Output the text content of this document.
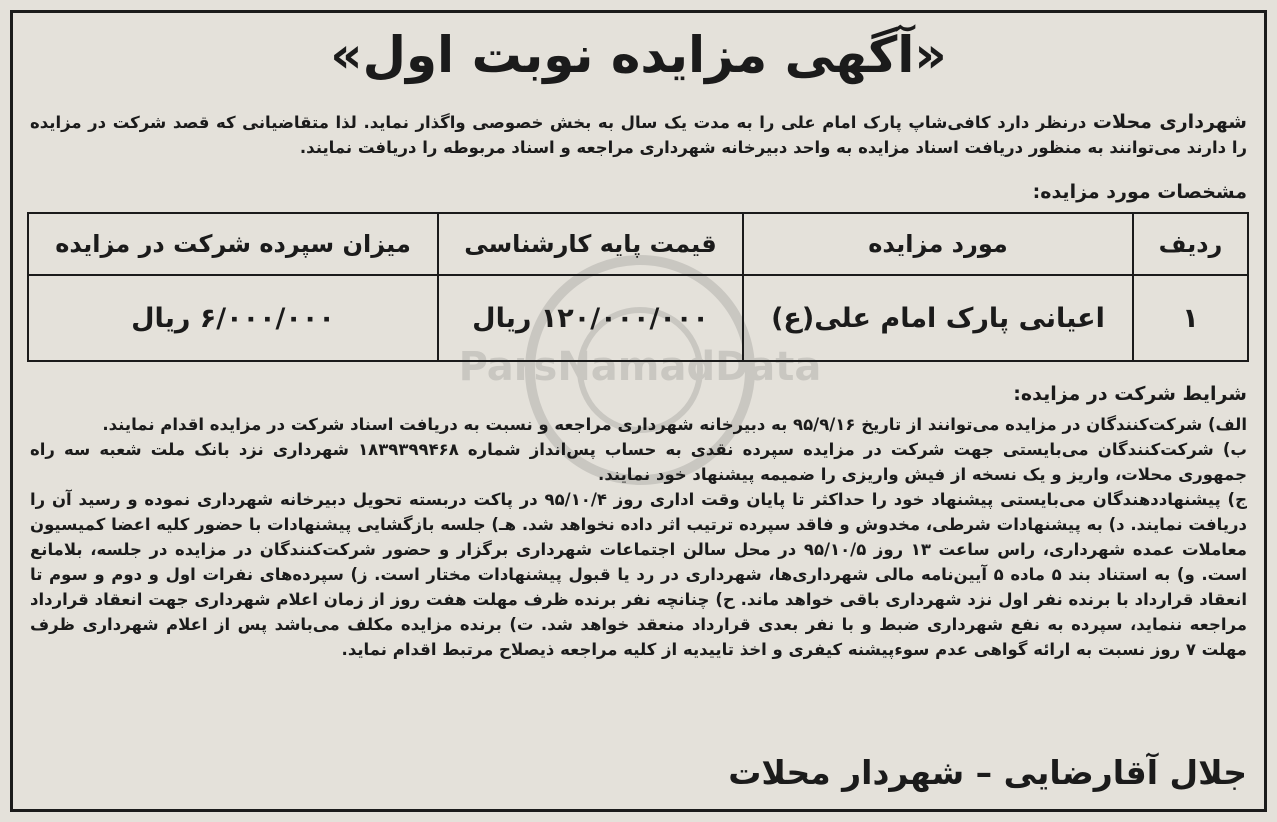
ParsNamadData
«آگهی مزایده نوبت اول»

شهرداری محلات درنظر دارد کافی‌شاپ پارک امام علی را به مدت یک سال به بخش خصوصی واگذار نماید. لذا متقاضیانی که قصد شرکت در مزایده را دارند می‌توانند به منظور دریافت اسناد مزایده به واحد دبیرخانه شهرداری مراجعه و اسناد مربوطه را دریافت نمایند.

مشخصات مورد مزایده:

ردیف	مورد مزایده	قیمت پایه کارشناسی	میزان سپرده شرکت در مزایده
۱	اعیانی پارک امام علی(ع)	۱۲۰/۰۰۰/۰۰۰ ریال	۶/۰۰۰/۰۰۰ ریال

شرایط شرکت در مزایده:

الف) شرکت‌کنندگان در مزایده می‌توانند از تاریخ ۹۵/۹/۱۶ به دبیرخانه شهرداری مراجعه و نسبت به دریافت اسناد شرکت در مزایده اقدام نمایند.
ب) شرکت‌کنندگان می‌بایستی جهت شرکت در مزایده سپرده نقدی به حساب پس‌انداز شماره ۱۸۳۹۳۹۹۴۶۸ شهرداری نزد بانک ملت شعبه سه راه جمهوری محلات، واریز و یک نسخه از فیش واریزی را ضمیمه پیشنهاد خود نمایند.
ج) پیشنهاددهندگان می‌بایستی پیشنهاد خود را حداکثر تا پایان وقت اداری روز ۹۵/۱۰/۴ در پاکت دربسته تحویل دبیرخانه شهرداری نموده و رسید آن را دریافت نمایند. د) به پیشنهادات شرطی، مخدوش و فاقد سپرده ترتیب اثر داده نخواهد شد. هـ) جلسه بازگشایی پیشنهادات با حضور کلیه اعضا کمیسیون معاملات عمده شهرداری، راس ساعت ۱۳ روز ۹۵/۱۰/۵ در محل سالن اجتماعات شهرداری برگزار و حضور شرکت‌کنندگان در مزایده در جلسه، بلامانع است. و) به استناد بند ۵ ماده ۵ آیین‌نامه مالی شهرداری‌ها، شهرداری در رد یا قبول پیشنهادات مختار است. ز) سپرده‌های نفرات اول و دوم و سوم تا انعقاد قرارداد با برنده نفر اول نزد شهرداری باقی خواهد ماند. ح) چنانچه نفر برنده ظرف مهلت هفت روز از زمان اعلام شهرداری جهت انعقاد قرارداد مراجعه ننماید، سپرده به نفع شهرداری ضبط و با نفر بعدی قرارداد منعقد خواهد شد. ت) برنده مزایده مکلف می‌باشد پس از اعلام شهرداری ظرف مهلت ۷ روز نسبت به ارائه گواهی عدم سوءپیشنه کیفری و اخذ تاییدیه از کلیه مراجعه ذیصلاح مرتبط اقدام نماید.

جلال آقارضایی – شهردار محلات
